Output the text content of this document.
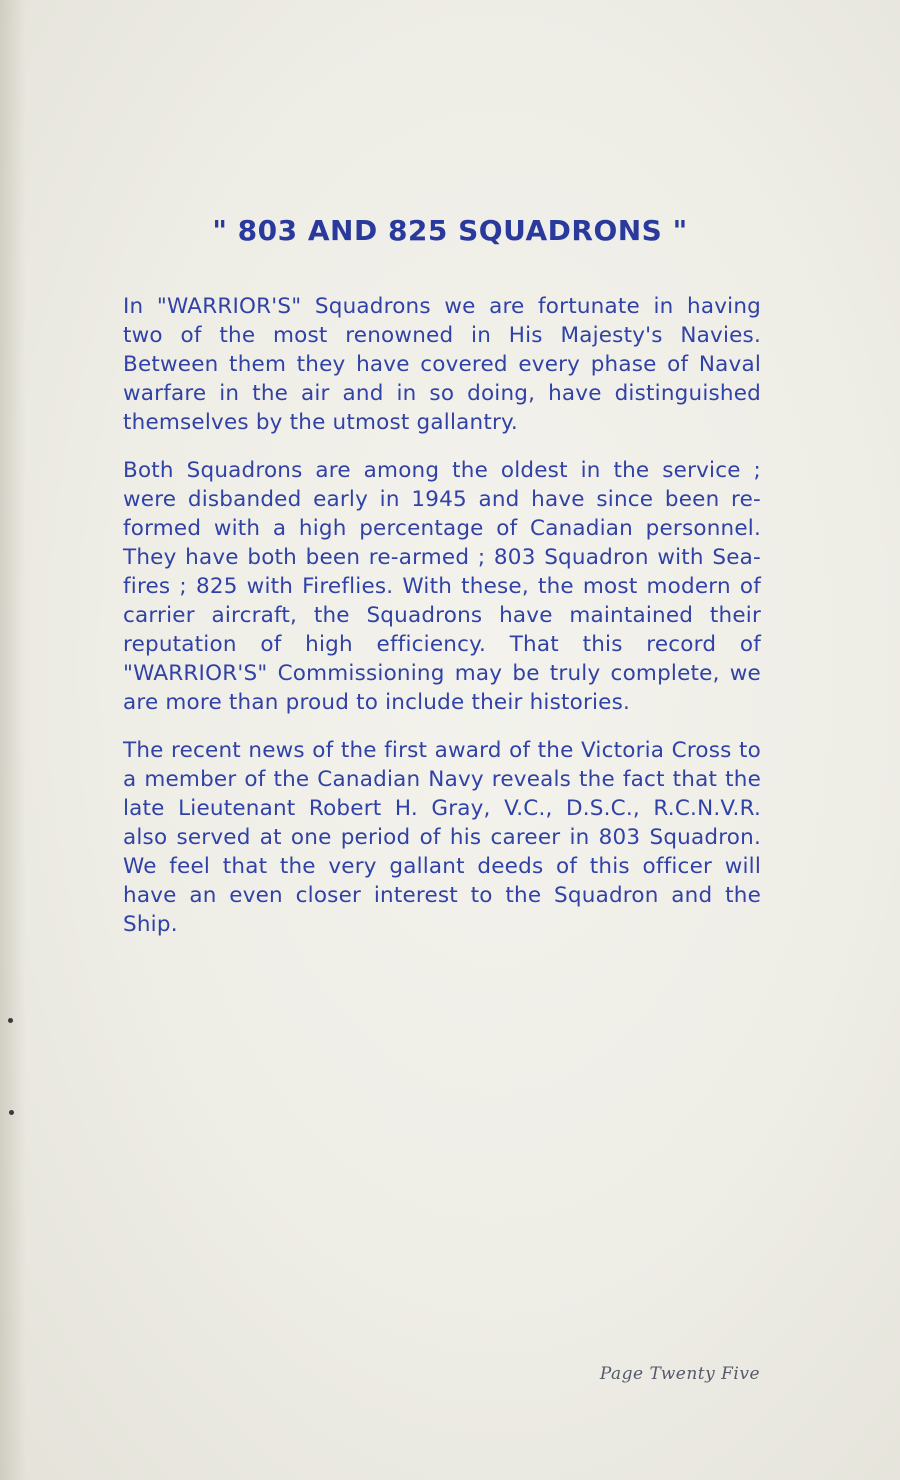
" 803 AND 825 SQUADRONS "

In "WARRIOR'S" Squadrons we are fortunate in having two of the most renowned in His Majesty's Navies. Between them they have covered every phase of Naval warfare in the air and in so doing, have distinguished themselves by the utmost gallantry.

Both Squadrons are among the oldest in the service ; were disbanded early in 1945 and have since been re-formed with a high percentage of Canadian personnel. They have both been re-armed ; 803 Squadron with Sea-fires ; 825 with Fireflies. With these, the most modern of carrier aircraft, the Squadrons have maintained their reputation of high efficiency. That this record of "WARRIOR'S" Commissioning may be truly complete, we are more than proud to include their histories.

The recent news of the first award of the Victoria Cross to a member of the Canadian Navy reveals the fact that the late Lieutenant Robert H. Gray, V.C., D.S.C., R.C.N.V.R. also served at one period of his career in 803 Squadron. We feel that the very gallant deeds of this officer will have an even closer interest to the Squadron and the Ship.

Page Twenty Five
